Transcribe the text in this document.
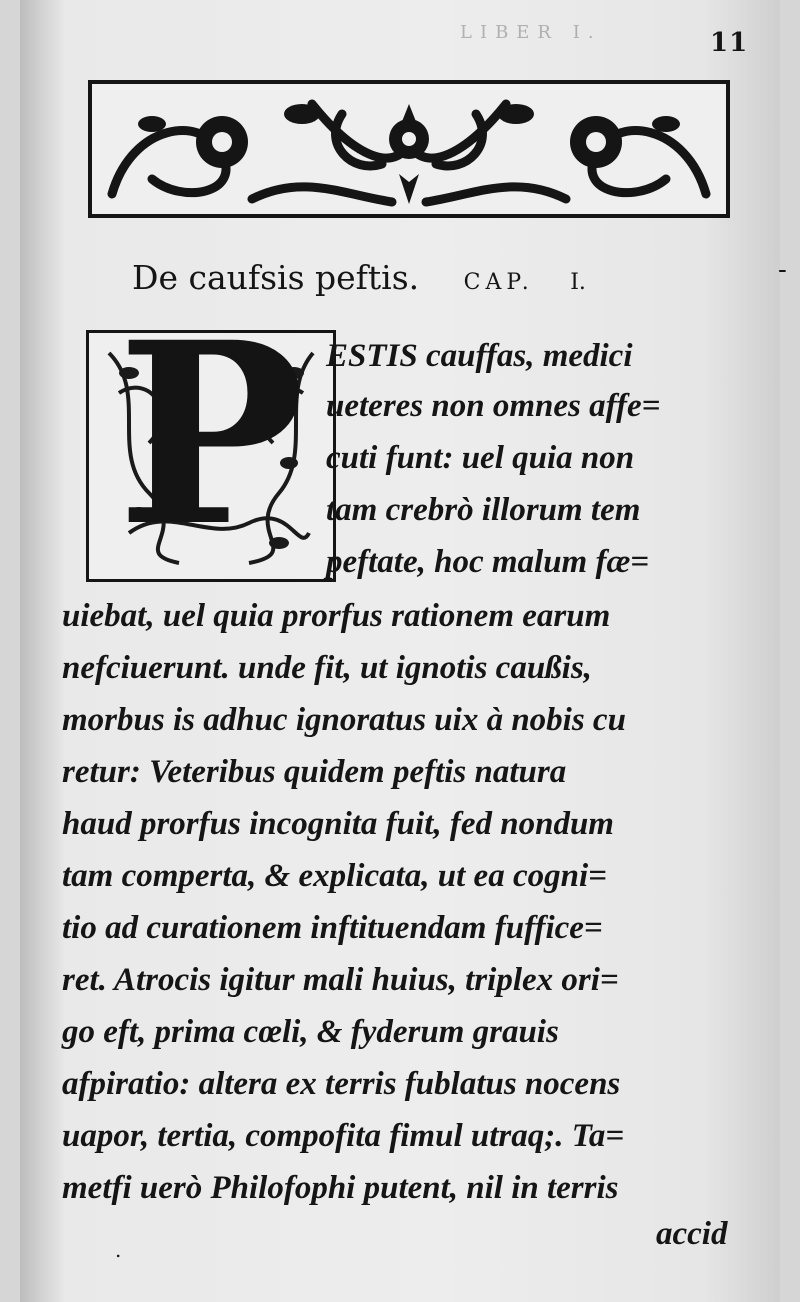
LIBER I.	11
De caufsis peftis. CAP. I.	-
P ESTIS cauffas, medici
ueteres non omnes affe=
cuti funt: uel quia non
tam crebrò illorum tem
peftate, hoc malum fæ=
uiebat, uel quia prorfus rationem earum
nefciuerunt. unde fit, ut ignotis caußis,
morbus is adhuc ignoratus uix à nobis cu
retur: Veteribus quidem peftis natura
haud prorfus incognita fuit, fed nondum
tam comperta, & explicata, ut ea cogni=
tio ad curationem inftituendam fuffice=
ret. Atrocis igitur mali huius, triplex ori=
go eft, prima cœli, & fyderum grauis
afpiratio: altera ex terris fublatus nocens
uapor, tertia, compofita fimul utraq;. Ta=
metfi uerò Philofophi putent, nil in terris
.	accid
